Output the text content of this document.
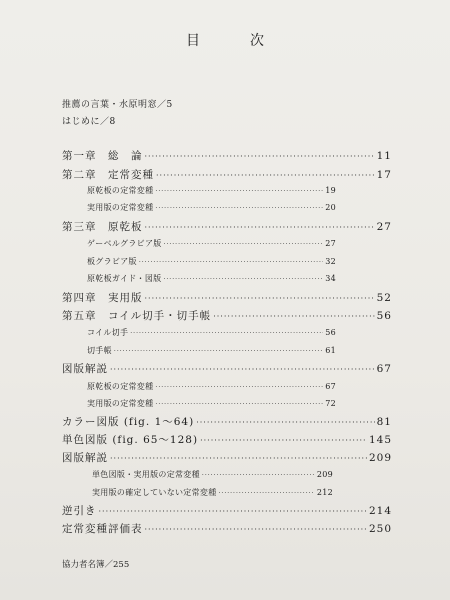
目　次
推薦の言葉・水原明窓／5
はじめに／8
第一章　総　論 ·····	11
第二章　定常変種 ·····	17
原乾板の定常変種 ·····	19
実用版の定常変種 ·····	20
第三章　原乾板 ·····	27
ゲーベルグラビア版 ·····	27
板グラビア版 ·····	32
原乾板ガイド・図版 ·····	34
第四章　実用版 ·····	52
第五章　コイル切手・切手帳 ·····	56
コイル切手 ·····	56
切手帳 ·····	61
図版解説 ·····	67
原乾板の定常変種 ·····	67
実用版の定常変種 ·····	72
カラー図版 (fig. 1〜64) ·····	81
単色図版 (fig. 65〜128) ·····	145
図版解説 ·····	209
単色図版・実用版の定常変種 ·····	209
実用版の確定していない定常変種 ·····	212
逆引き ·····	214
定常変種評価表 ·····	250
協力者名簿／255
